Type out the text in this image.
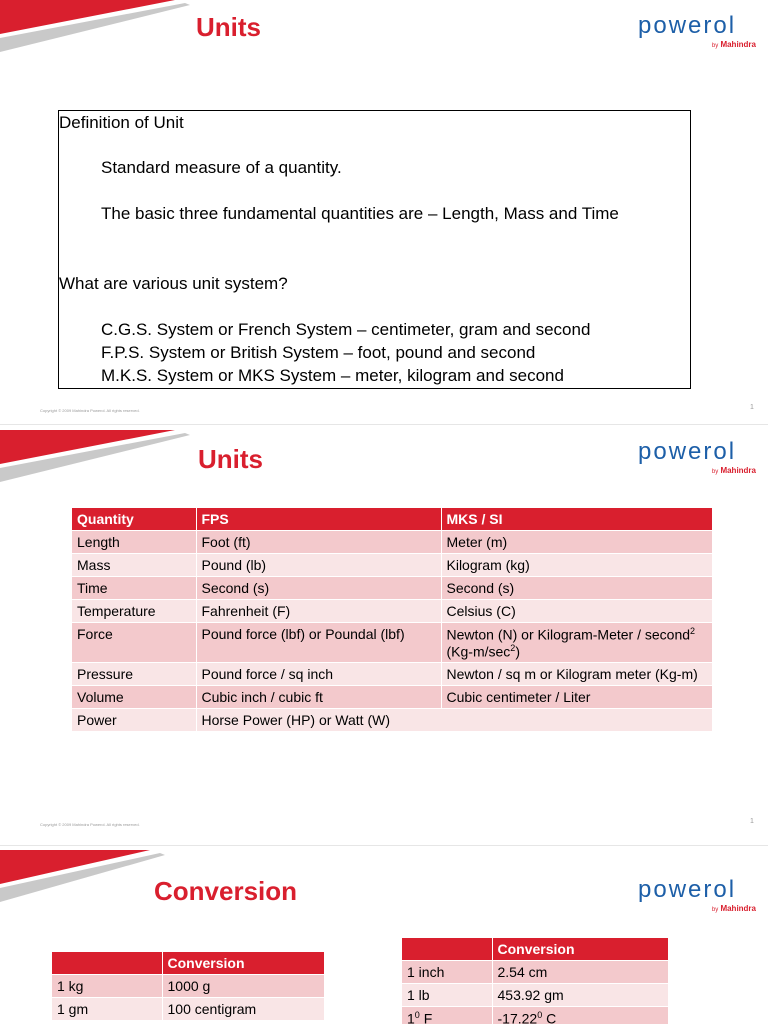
Units	powerol
by Mahindra
Definition of Unit
Standard measure of a quantity.
The basic three fundamental quantities are – Length, Mass and Time
What are various unit system?
C.G.S. System or French System – centimeter, gram and second
F.P.S. System or British System – foot, pound and second
M.K.S. System or MKS System – meter, kilogram and second
Copyright © 2009 Mahindra Powerol. All rights reserved.	1
Units	powerol
by Mahindra
Quantity	FPS	MKS / SI
Length	Foot (ft)	Meter (m)
Mass	Pound (lb)	Kilogram (kg)
Time	Second (s)	Second (s)
Temperature	Fahrenheit (F)	Celsius (C)
Force	Pound force (lbf) or Poundal (lbf)	Newton (N) or Kilogram-Meter / second$^2$
$(Kg-m/\sec^2)$
Pressure	Pound force / sq inch	Newton / sq m or Kilogram meter (Kg-m)
Volume	Cubic inch / cubic ft	Cubic centimeter / Liter
Power	Horse Power (HP) or Watt (W)	
Copyright © 2009 Mahindra Powerol. All rights reserved.	1
Conversion	powerol
by Mahindra
	Conversion
1 kg	1000 g
1 gm	100 centigram
	Conversion
1 inch	2.54 cm
1 lb	453.92 gm
$1^0$ F	-17.22$^0$ C
